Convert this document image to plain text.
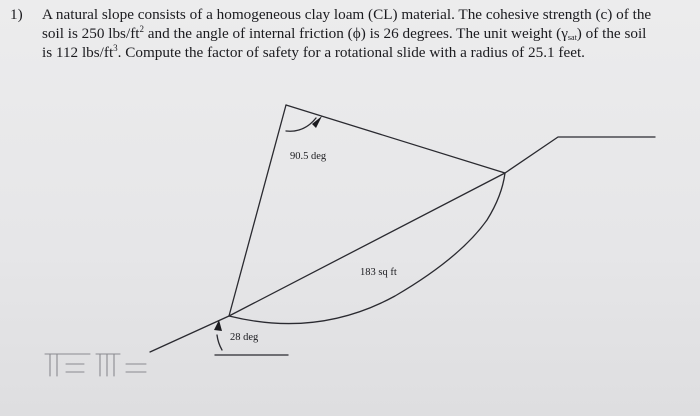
1) A natural slope consists of a homogeneous clay loam (CL) material. The cohesive strength (c) of the
soil is 250 lbs/$ft^2$ and the angle of internal friction (ϕ) is 26 degrees. The unit weight $(\gamma_{sat})$ of the soil
is 112 lbs/$ft^3$. Compute the factor of safety for a rotational slide with a radius of 25.1 feet.
90.5 deg
183 sq ft
28 deg
